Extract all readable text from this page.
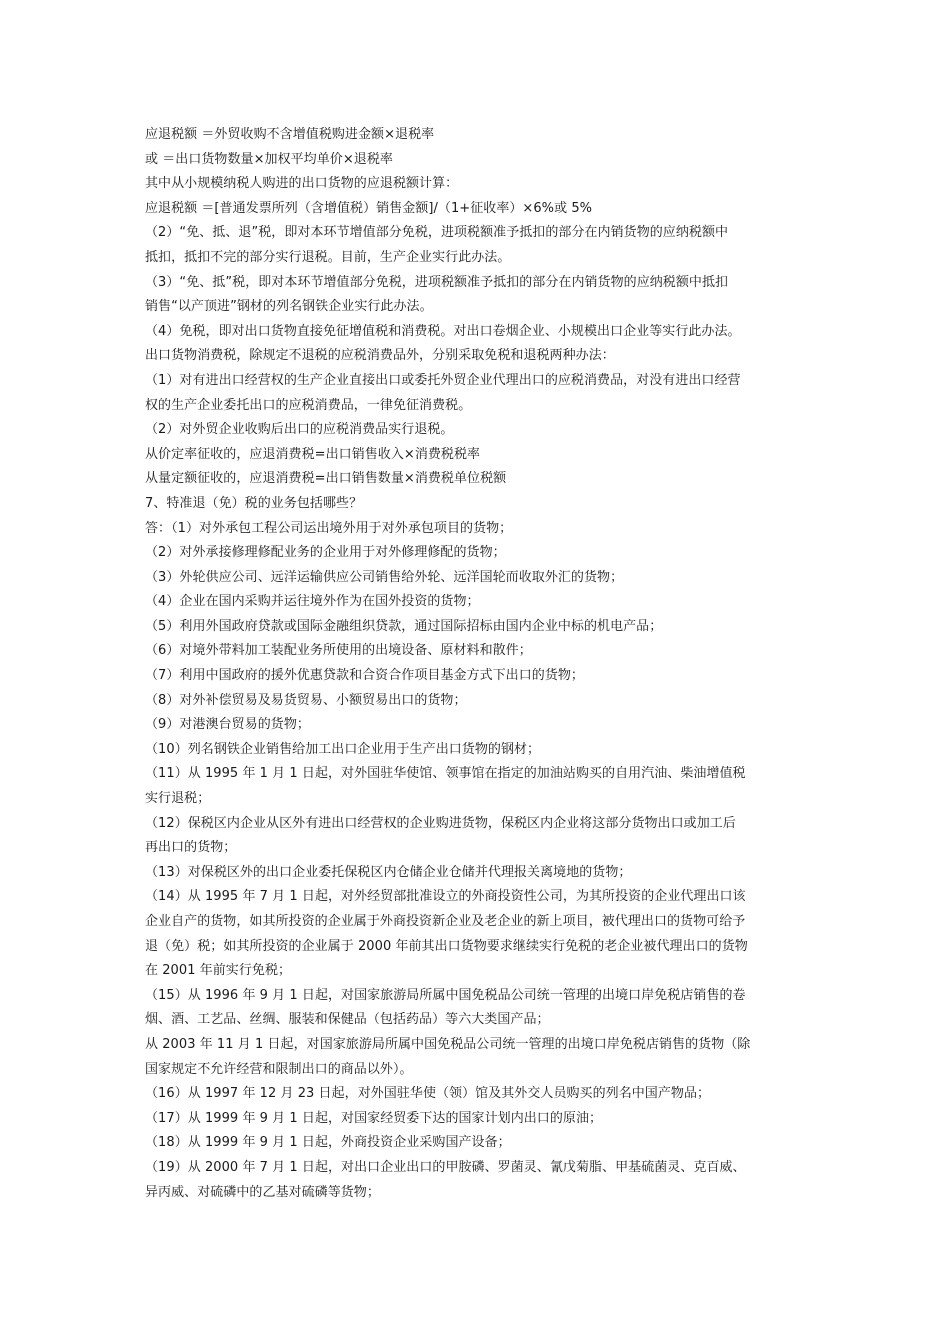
应退税额 ＝外贸收购不含增值税购进金额×退税率
或 ＝出口货物数量×加权平均单价×退税率
其中从小规模纳税人购进的出口货物的应退税额计算：
应退税额 ＝[普通发票所列（含增值税）销售金额]/（1+征收率）×6%或 5%
（2）“免、抵、退”税，即对本环节增值部分免税，进项税额准予抵扣的部分在内销货物的应纳税额中
抵扣，抵扣不完的部分实行退税。目前，生产企业实行此办法。
（3）“免、抵”税，即对本环节增值部分免税，进项税额准予抵扣的部分在内销货物的应纳税额中抵扣
销售“以产顶进”钢材的列名钢铁企业实行此办法。
（4）免税，即对出口货物直接免征增值税和消费税。对出口卷烟企业、小规模出口企业等实行此办法。
出口货物消费税，除规定不退税的应税消费品外，分别采取免税和退税两种办法：
（1）对有进出口经营权的生产企业直接出口或委托外贸企业代理出口的应税消费品，对没有进出口经营
权的生产企业委托出口的应税消费品，一律免征消费税。
（2）对外贸企业收购后出口的应税消费品实行退税。
从价定率征收的，应退消费税=出口销售收入×消费税税率
从量定额征收的，应退消费税=出口销售数量×消费税单位税额
7、特准退（免）税的业务包括哪些？
答：（1）对外承包工程公司运出境外用于对外承包项目的货物；
（2）对外承接修理修配业务的企业用于对外修理修配的货物；
（3）外轮供应公司、远洋运输供应公司销售给外轮、远洋国轮而收取外汇的货物；
（4）企业在国内采购并运往境外作为在国外投资的货物；
（5）利用外国政府贷款或国际金融组织贷款，通过国际招标由国内企业中标的机电产品；
（6）对境外带料加工装配业务所使用的出境设备、原材料和散件；
（7）利用中国政府的援外优惠贷款和合资合作项目基金方式下出口的货物；
（8）对外补偿贸易及易货贸易、小额贸易出口的货物；
（9）对港澳台贸易的货物；
（10）列名钢铁企业销售给加工出口企业用于生产出口货物的钢材；
（11）从 1995 年 1 月 1 日起，对外国驻华使馆、领事馆在指定的加油站购买的自用汽油、柴油增值税
实行退税；
（12）保税区内企业从区外有进出口经营权的企业购进货物，保税区内企业将这部分货物出口或加工后
再出口的货物；
（13）对保税区外的出口企业委托保税区内仓储企业仓储并代理报关离境地的货物；
（14）从 1995 年 7 月 1 日起，对外经贸部批准设立的外商投资性公司，为其所投资的企业代理出口该
企业自产的货物，如其所投资的企业属于外商投资新企业及老企业的新上项目，被代理出口的货物可给予
退（免）税；如其所投资的企业属于 2000 年前其出口货物要求继续实行免税的老企业被代理出口的货物
在 2001 年前实行免税；
（15）从 1996 年 9 月 1 日起，对国家旅游局所属中国免税品公司统一管理的出境口岸免税店销售的卷
烟、酒、工艺品、丝绸、服装和保健品（包括药品）等六大类国产品；
从 2003 年 11 月 1 日起，对国家旅游局所属中国免税品公司统一管理的出境口岸免税店销售的货物（除
国家规定不允许经营和限制出口的商品以外）。
（16）从 1997 年 12 月 23 日起，对外国驻华使（领）馆及其外交人员购买的列名中国产物品；
（17）从 1999 年 9 月 1 日起，对国家经贸委下达的国家计划内出口的原油；
（18）从 1999 年 9 月 1 日起，外商投资企业采购国产设备；
（19）从 2000 年 7 月 1 日起，对出口企业出口的甲胺磷、罗菌灵、氰戊菊脂、甲基硫菌灵、克百威、
异丙威、对硫磷中的乙基对硫磷等货物；
